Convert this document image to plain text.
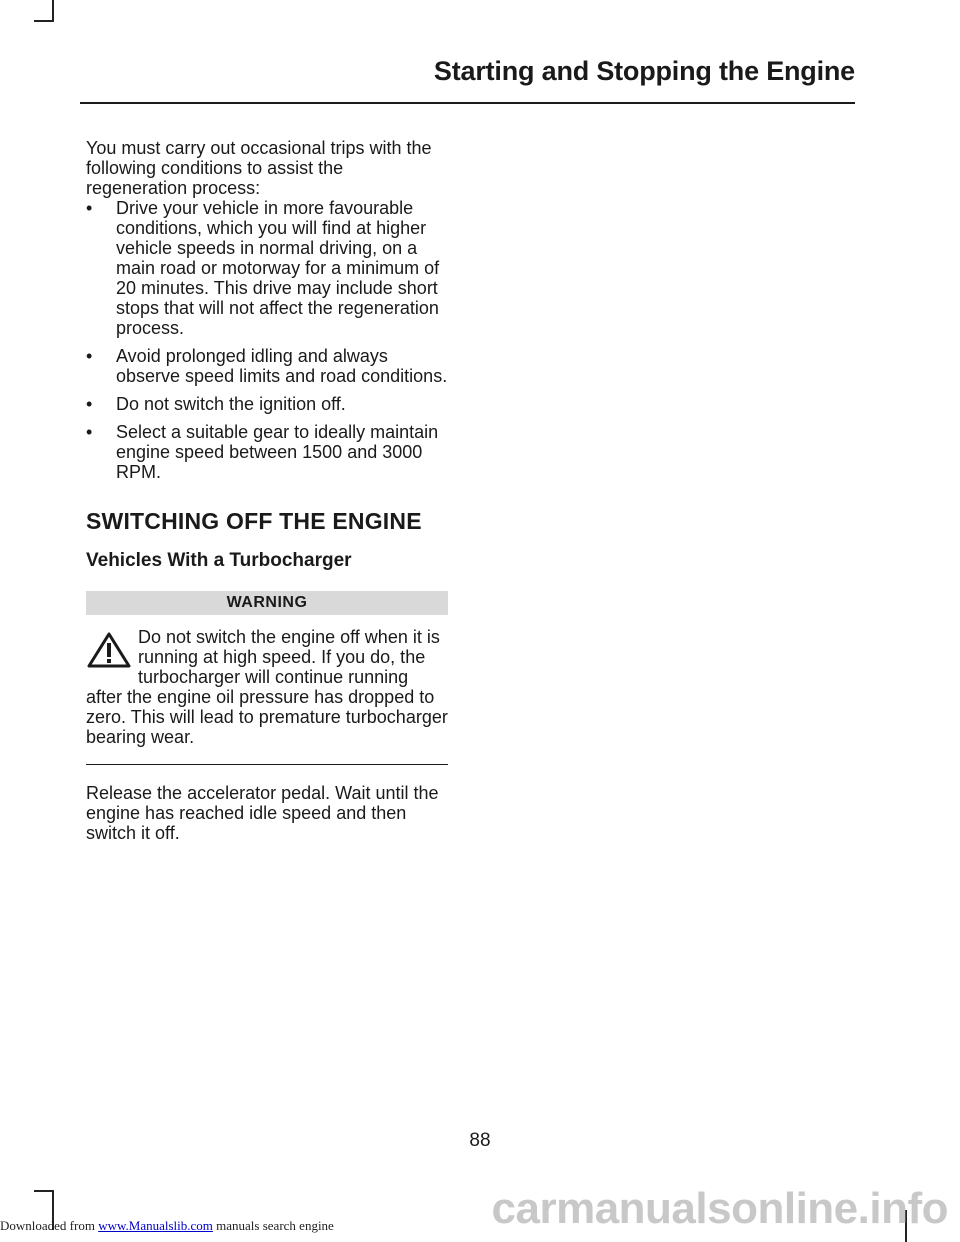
Starting and Stopping the Engine

You must carry out occasional trips with the following conditions to assist the regeneration process:

• Drive your vehicle in more favourable conditions, which you will find at higher vehicle speeds in normal driving, on a main road or motorway for a minimum of 20 minutes. This drive may include short stops that will not affect the regeneration process.
• Avoid prolonged idling and always observe speed limits and road conditions.
• Do not switch the ignition off.
• Select a suitable gear to ideally maintain engine speed between 1500 and 3000 RPM.
SWITCHING OFF THE ENGINE
Vehicles With a Turbocharger
WARNING
Do not switch the engine off when it is running at high speed. If you do, the turbocharger will continue running after the engine oil pressure has dropped to zero. This will lead to premature turbocharger bearing wear.

Release the accelerator pedal. Wait until the engine has reached idle speed and then switch it off.

88
Downloaded from www.Manualslib.com manuals search engine	carmanualsonline.info
